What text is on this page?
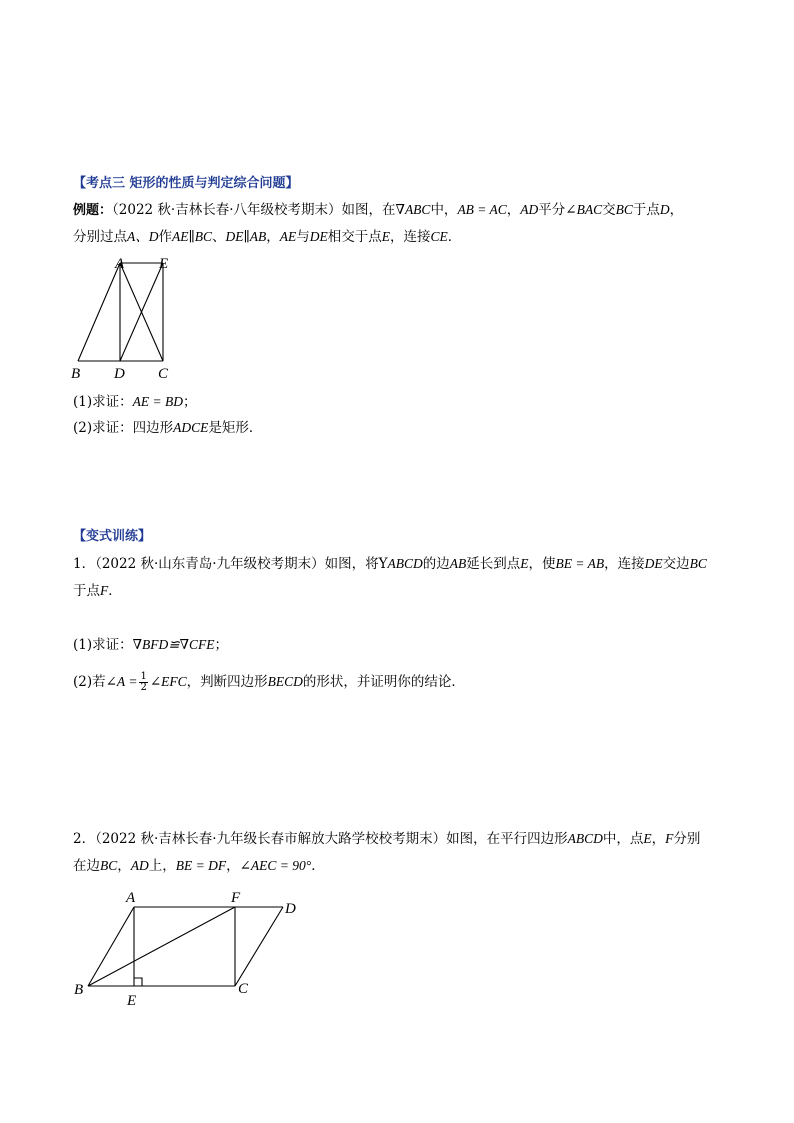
【考点三 矩形的性质与判定综合问题】
例题：（2022 秋·吉林长春·八年级校考期末）如图，在∇ABC中，AB = AC，AD平分∠BAC交BC于点D，
分别过点A、D作AE∥BC、DE∥AB，AE与DE相交于点E，连接CE．
A E
B D C
(1)求证：AE = BD；
(2)求证：四边形ADCE是矩形．
【变式训练】
1．（2022 秋·山东青岛·九年级校考期末）如图，将YABCD的边AB延长到点E，使BE = AB，连接DE交边BC
于点F．
(1)求证：∇BFD≌∇CFE；
(2)若∠A = $\frac{1}{2}$ ∠EFC，判断四边形BECD的形状，并证明你的结论．
2．（2022 秋·吉林长春·九年级长春市解放大路学校校考期末）如图，在平行四边形ABCD中，点E，F分别
在边BC，AD上，BE = DF，∠AEC = 90°．
A	F
D
B
E
C
